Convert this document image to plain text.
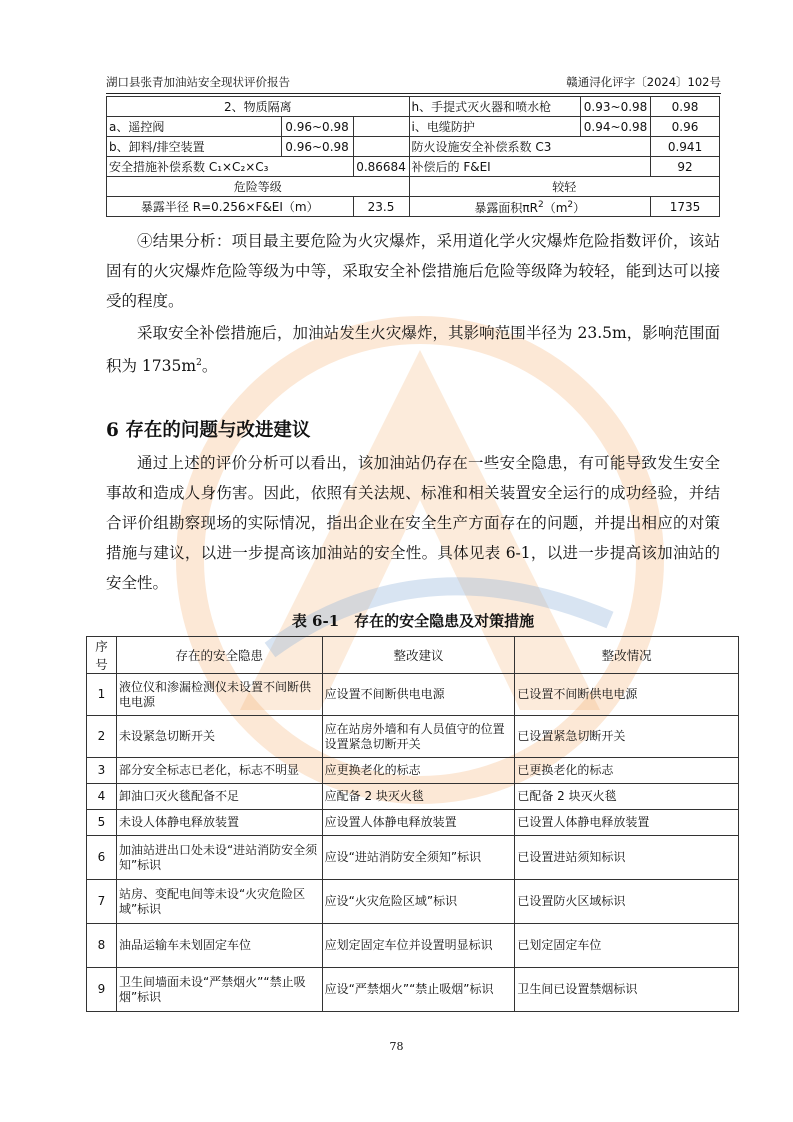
湖口县张青加油站安全现状评价报告	赣通浔化评字〔2024〕102号
2、物质隔离			h、手提式灭火器和喷水枪	0.93~0.98	0.98
a、遥控阀	0.96~0.98		i、电缆防护	0.94~0.98	0.96
b、卸料/排空装置	0.96~0.98		防火设施安全补偿系数 C3		0.941
安全措施补偿系数 C₁×C₂×C₃		0.86684	补偿后的 F&EI		92
危险等级			较轻		
暴露半径 R=0.256×F&EI（m）		23.5	暴露面积$\pi R^2(m^2)$		1735

④结果分析：项目最主要危险为火灾爆炸，采用道化学火灾爆炸危险指数评价，该站固有的火灾爆炸危险等级为中等，采取安全补偿措施后危险等级降为较轻，能到达可以接受的程度。

采取安全补偿措施后，加油站发生火灾爆炸，其影响范围半径为 23.5m，影响范围面积为 $1735m^2$。

6 存在的问题与改进建议

通过上述的评价分析可以看出，该加油站仍存在一些安全隐患，有可能导致发生安全事故和造成人身伤害。因此，依照有关法规、标准和相关装置安全运行的成功经验，并结合评价组勘察现场的实际情况，指出企业在安全生产方面存在的问题，并提出相应的对策措施与建议，以进一步提高该加油站的安全性。具体见表 6-1，以进一步提高该加油站的安全性。

表 6-1　存在的安全隐患及对策措施

序号	存在的安全隐患	整改建议	整改情况
1	液位仪和渗漏检测仪未设置不间断供电电源	应设置不间断供电电源	已设置不间断供电电源
2	未设紧急切断开关	应在站房外墙和有人员值守的位置设置紧急切断开关	已设置紧急切断开关
3	部分安全标志已老化，标志不明显	应更换老化的标志	已更换老化的标志
4	卸油口灭火毯配备不足	应配备 2 块灭火毯	已配备 2 块灭火毯
5	未设人体静电释放装置	应设置人体静电释放装置	已设置人体静电释放装置
6	加油站进出口处未设“进站消防安全须知”标识	应设“进站消防安全须知”标识	已设置进站须知标识
7	站房、变配电间等未设“火灾危险区域”标识	应设“火灾危险区域”标识	已设置防火区域标识
8	油品运输车未划固定车位	应划定固定车位并设置明显标识	已划定固定车位
9	卫生间墙面未设“严禁烟火”“禁止吸烟”标识	应设“严禁烟火”“禁止吸烟”标识	卫生间已设置禁烟标识
78
